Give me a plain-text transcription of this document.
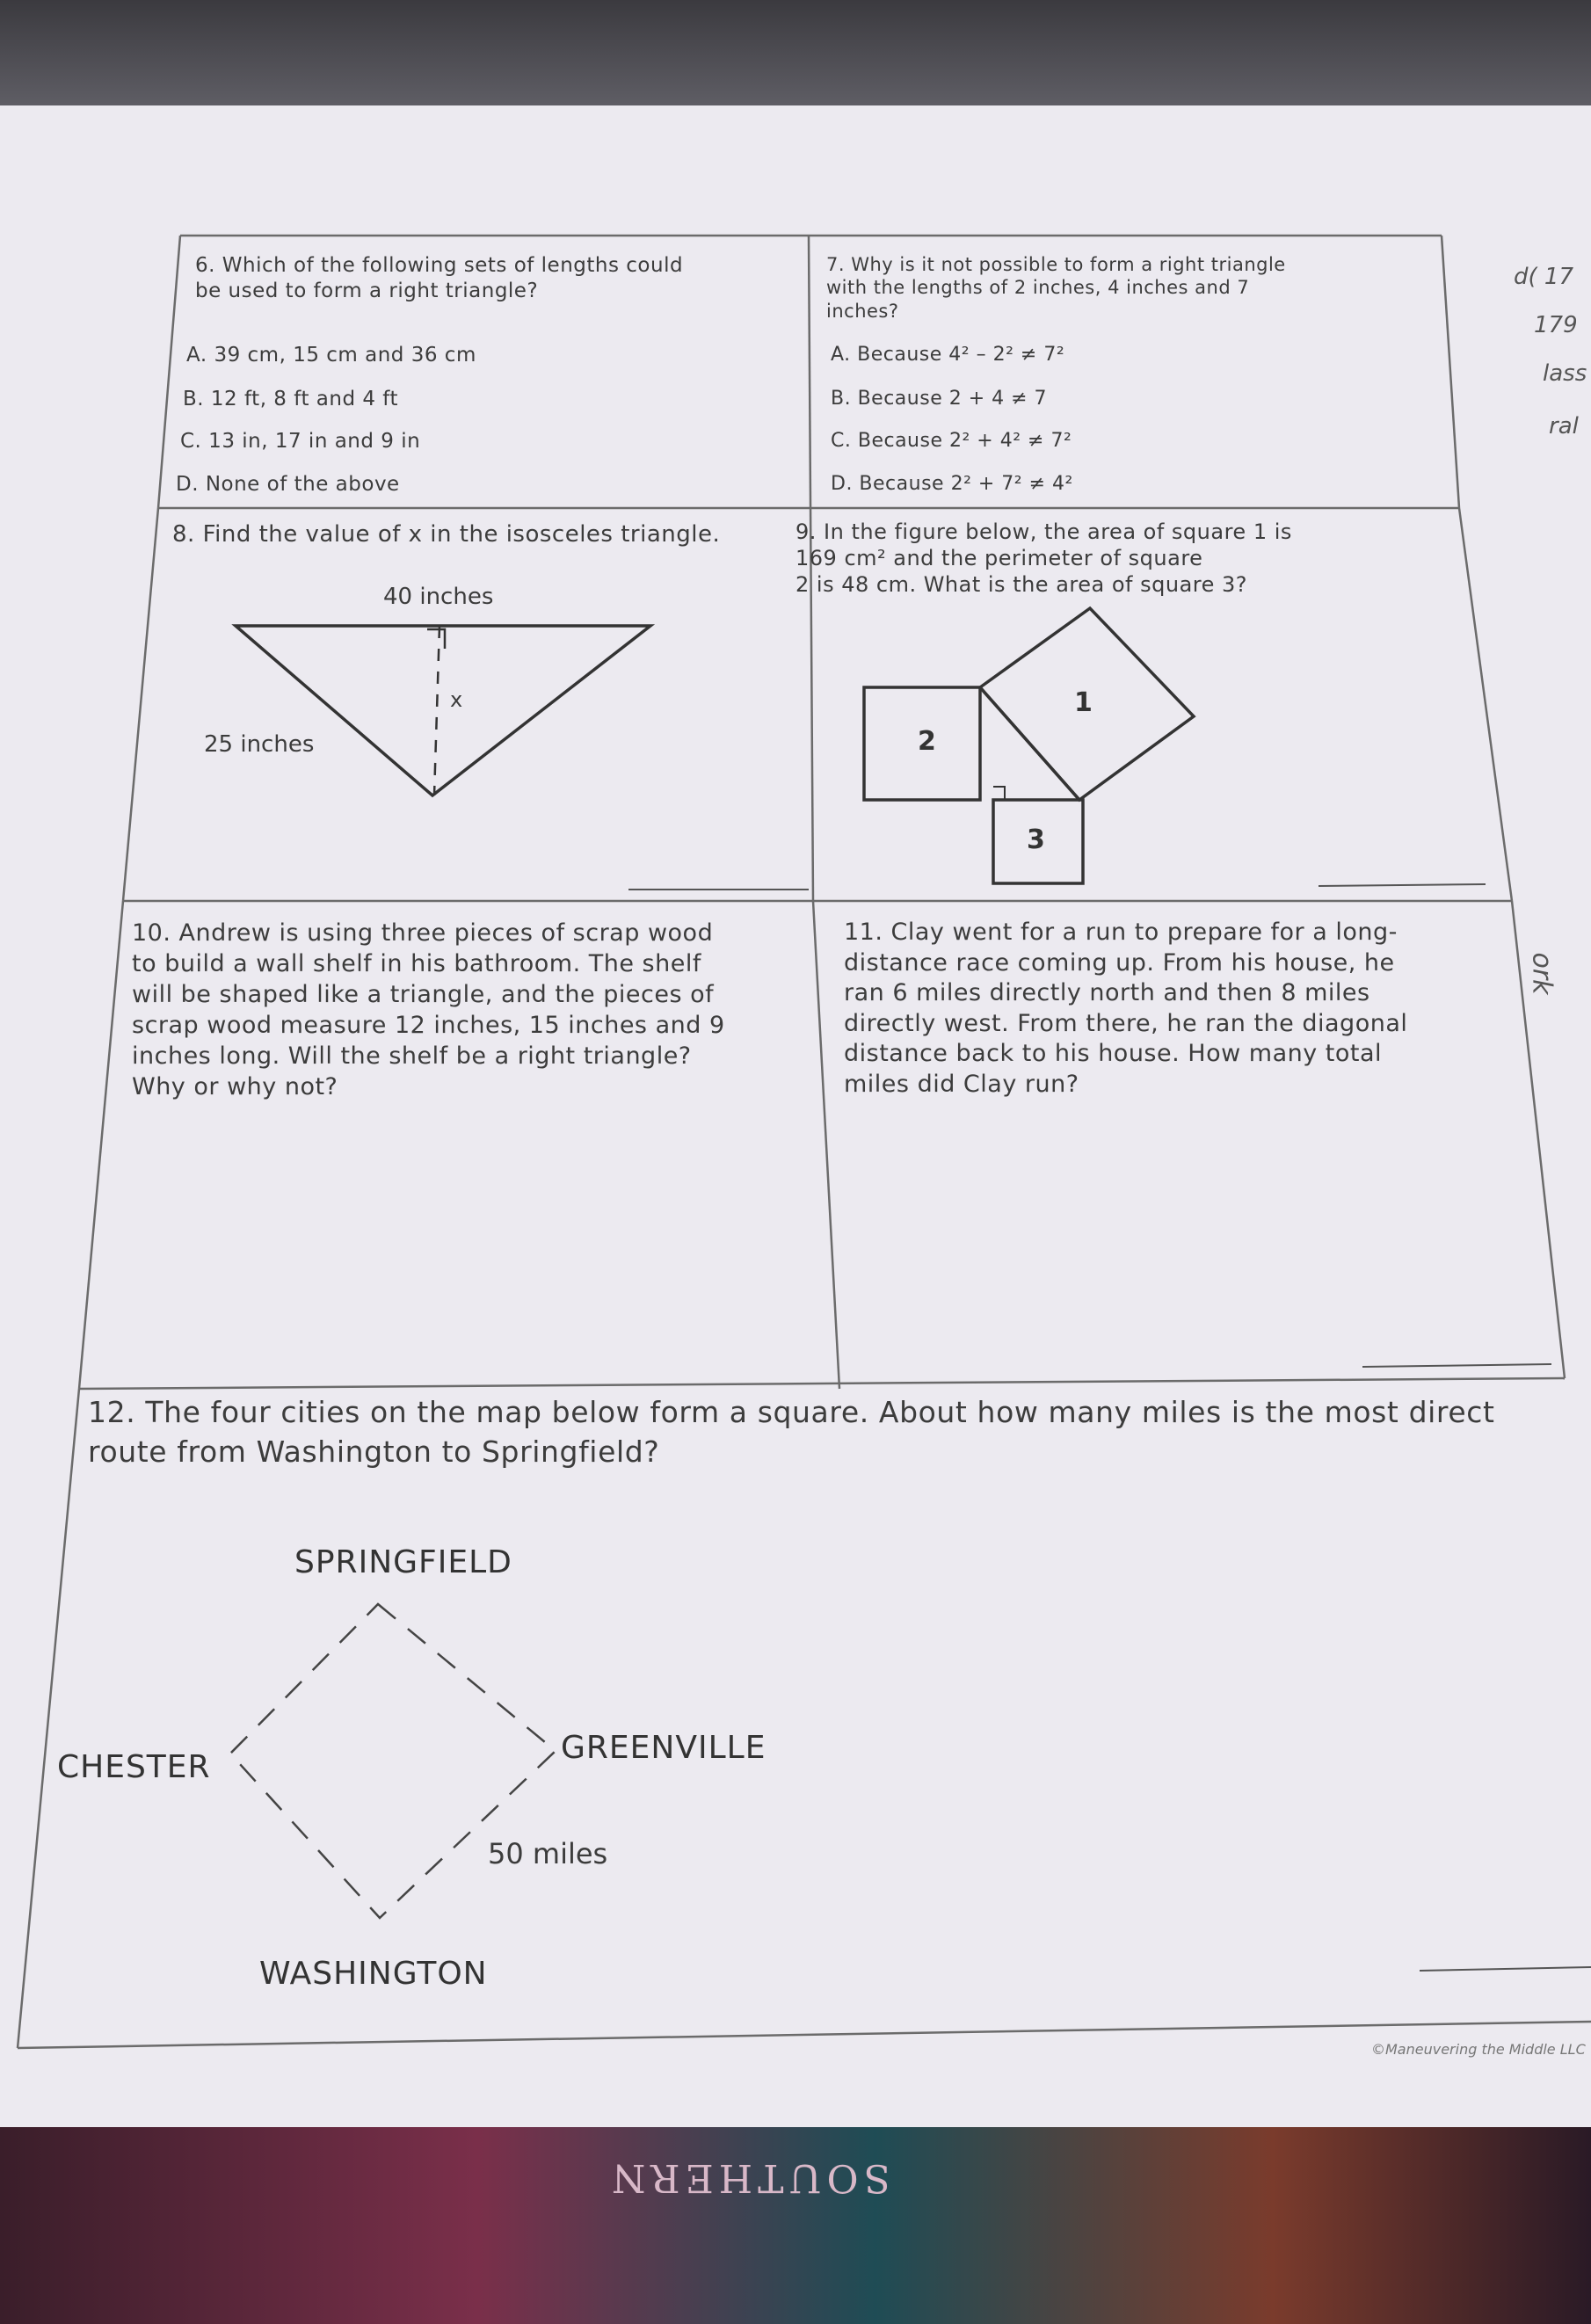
6. Which of the following sets of lengths could
be used to form a right triangle?

A. 39 cm, 15 cm and 36 cm

B. 12 ft, 8 ft and 4 ft

C. 13 in, 17 in and 9 in

D. None of the above

7. Why is it not possible to form a right triangle
with the lengths of 2 inches, 4 inches and 7
inches?

A. Because 4² – 2² ≠ 7²

B. Because 2 + 4 ≠ 7

C. Because 2² + 4² ≠ 7²

D. Because 2² + 7² ≠ 4²

8. Find the value of x in the isosceles triangle.

40 inches
25 inches
x

9. In the figure below, the area of square 1 is
169 cm² and the perimeter of square
2 is 48 cm. What is the area of square 3?

1
2
3

10. Andrew is using three pieces of scrap wood
to build a wall shelf in his bathroom. The shelf
will be shaped like a triangle, and the pieces of
scrap wood measure 12 inches, 15 inches and 9
inches long. Will the shelf be a right triangle?
Why or why not?

11. Clay went for a run to prepare for a long-
distance race coming up. From his house, he
ran 6 miles directly north and then 8 miles
directly west. From there, he ran the diagonal
distance back to his house. How many total
miles did Clay run?

12. The four cities on the map below form a square. About how many miles is the most direct
route from Washington to Springfield?

SPRINGFIELD
CHESTER
GREENVILLE
WASHINGTON
50 miles
©Maneuvering the Middle LLC
SOUTHERN
d( 17
179
lass
ral
ork
